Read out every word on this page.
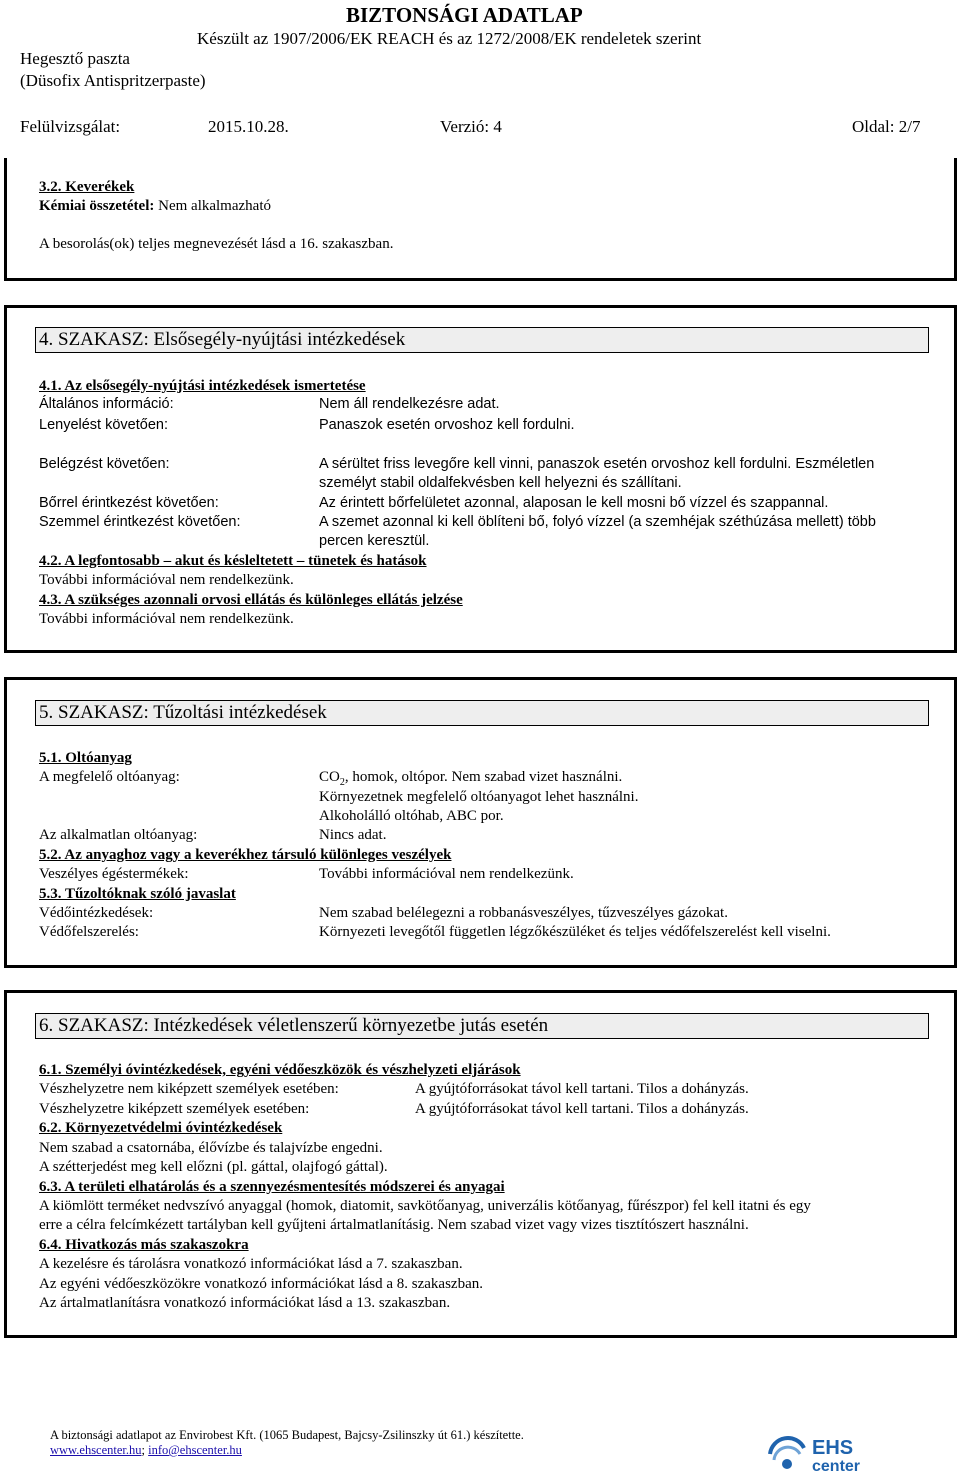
BIZTONSÁGI ADATLAP
Készült az 1907/2006/EK REACH és az 1272/2008/EK rendeletek szerint
Hegesztő paszta
(Düsofix Antispritzerpaste)
Felülvizsgálat:	2015.10.28.	Verzió: 4	Oldal: 2/7
3.2. Keverékek
Kémiai összetétel: Nem alkalmazható
A besorolás(ok) teljes megnevezését lásd a 16. szakaszban.
4. SZAKASZ: Elsősegély-nyújtási intézkedések
4.1. Az elsősegély-nyújtási intézkedések ismertetése
Általános információ:	Nem áll rendelkezésre adat.
Lenyelést követően:	Panaszok esetén orvoshoz kell fordulni.
Belégzést követően:	A sérültet friss levegőre kell vinni, panaszok esetén orvoshoz kell fordulni. Eszméletlen
személyt stabil oldalfekvésben kell helyezni és szállítani.
Bőrrel érintkezést követően:	Az érintett bőrfelületet azonnal, alaposan le kell mosni bő vízzel és szappannal.
Szemmel érintkezést követően:	A szemet azonnal ki kell öblíteni bő, folyó vízzel (a szemhéjak széthúzása mellett) több
percen keresztül.
4.2. A legfontosabb – akut és késleltetett – tünetek és hatások
További információval nem rendelkezünk.
4.3. A szükséges azonnali orvosi ellátás és különleges ellátás jelzése
További információval nem rendelkezünk.
5. SZAKASZ: Tűzoltási intézkedések
5.1. Oltóanyag
A megfelelő oltóanyag:	$CO_2$, homok, oltópor. Nem szabad vizet használni.
Környezetnek megfelelő oltóanyagot lehet használni.
Alkoholálló oltóhab, ABC por.
Az alkalmatlan oltóanyag:	Nincs adat.
5.2. Az anyaghoz vagy a keverékhez társuló különleges veszélyek
Veszélyes égéstermékek:	További információval nem rendelkezünk.
5.3. Tűzoltóknak szóló javaslat
Védőintézkedések:	Nem szabad belélegezni a robbanásveszélyes, tűzveszélyes gázokat.
Védőfelszerelés:	Környezeti levegőtől független légzőkészüléket és teljes védőfelszerelést kell viselni.
6. SZAKASZ: Intézkedések véletlenszerű környezetbe jutás esetén
6.1. Személyi óvintézkedések, egyéni védőeszközök és vészhelyzeti eljárások
Vészhelyzetre nem kiképzett személyek esetében:	A gyújtóforrásokat távol kell tartani. Tilos a dohányzás.
Vészhelyzetre kiképzett személyek esetében:	A gyújtóforrásokat távol kell tartani. Tilos a dohányzás.
6.2. Környezetvédelmi óvintézkedések
Nem szabad a csatornába, élővízbe és talajvízbe engedni.
A szétterjedést meg kell előzni (pl. gáttal, olajfogó gáttal).
6.3. A területi elhatárolás és a szennyezésmentesítés módszerei és anyagai
A kiömlött terméket nedvszívó anyaggal (homok, diatomit, savkötőanyag, univerzális kötőanyag, fűrészpor) fel kell itatni és egy
erre a célra felcímkézett tartályban kell gyűjteni ártalmatlanításig. Nem szabad vizet vagy vizes tisztítószert használni.
6.4. Hivatkozás más szakaszokra
A kezelésre és tárolásra vonatkozó információkat lásd a 7. szakaszban.
Az egyéni védőeszközökre vonatkozó információkat lásd a 8. szakaszban.
Az ártalmatlanításra vonatkozó információkat lásd a 13. szakaszban.
A biztonsági adatlapot az Envirobest Kft. (1065 Budapest, Bajcsy-Zsilinszky út 61.) készítette.
www.ehscenter.hu; info@ehscenter.hu	EHS
center
